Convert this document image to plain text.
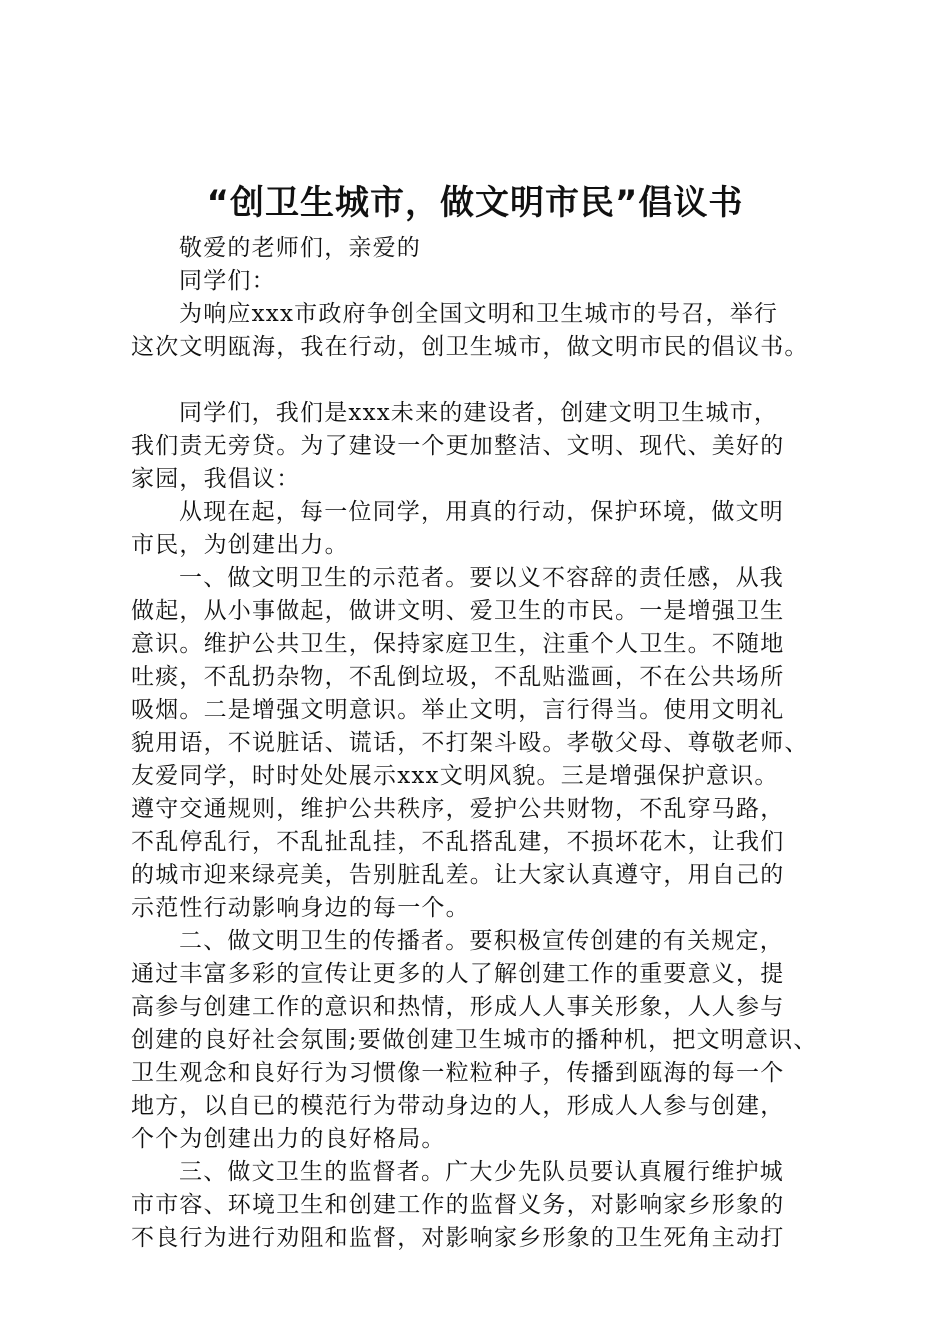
“创卫生城市，做文明市民”倡议书
敬爱的老师们，亲爱的
同学们：
为响应xxx市政府争创全国文明和卫生城市的号召，举行
这次文明瓯海，我在行动，创卫生城市，做文明市民的倡议书。
同学们，我们是xxx未来的建设者，创建文明卫生城市，
我们责无旁贷。为了建设一个更加整洁、文明、现代、美好的
家园，我倡议：
从现在起，每一位同学，用真的行动，保护环境，做文明
市民，为创建出力。
一、做文明卫生的示范者。要以义不容辞的责任感，从我
做起，从小事做起，做讲文明、爱卫生的市民。一是增强卫生
意识。维护公共卫生，保持家庭卫生，注重个人卫生。不随地
吐痰，不乱扔杂物，不乱倒垃圾，不乱贴滥画，不在公共场所
吸烟。二是增强文明意识。举止文明，言行得当。使用文明礼
貌用语，不说脏话、谎话，不打架斗殴。孝敬父母、尊敬老师、
友爱同学，时时处处展示xxx文明风貌。三是增强保护意识。
遵守交通规则，维护公共秩序，爱护公共财物，不乱穿马路，
不乱停乱行，不乱扯乱挂，不乱搭乱建，不损坏花木，让我们
的城市迎来绿亮美，告别脏乱差。让大家认真遵守，用自己的
示范性行动影响身边的每一个。
二、做文明卫生的传播者。要积极宣传创建的有关规定，
通过丰富多彩的宣传让更多的人了解创建工作的重要意义，提
高参与创建工作的意识和热情，形成人人事关形象，人人参与
创建的良好社会氛围;要做创建卫生城市的播种机，把文明意识、
卫生观念和良好行为习惯像一粒粒种子，传播到瓯海的每一个
地方，以自已的模范行为带动身边的人，形成人人参与创建，
个个为创建出力的良好格局。
三、做文卫生的监督者。广大少先队员要认真履行维护城
市市容、环境卫生和创建工作的监督义务，对影响家乡形象的
不良行为进行劝阻和监督，对影响家乡形象的卫生死角主动打
